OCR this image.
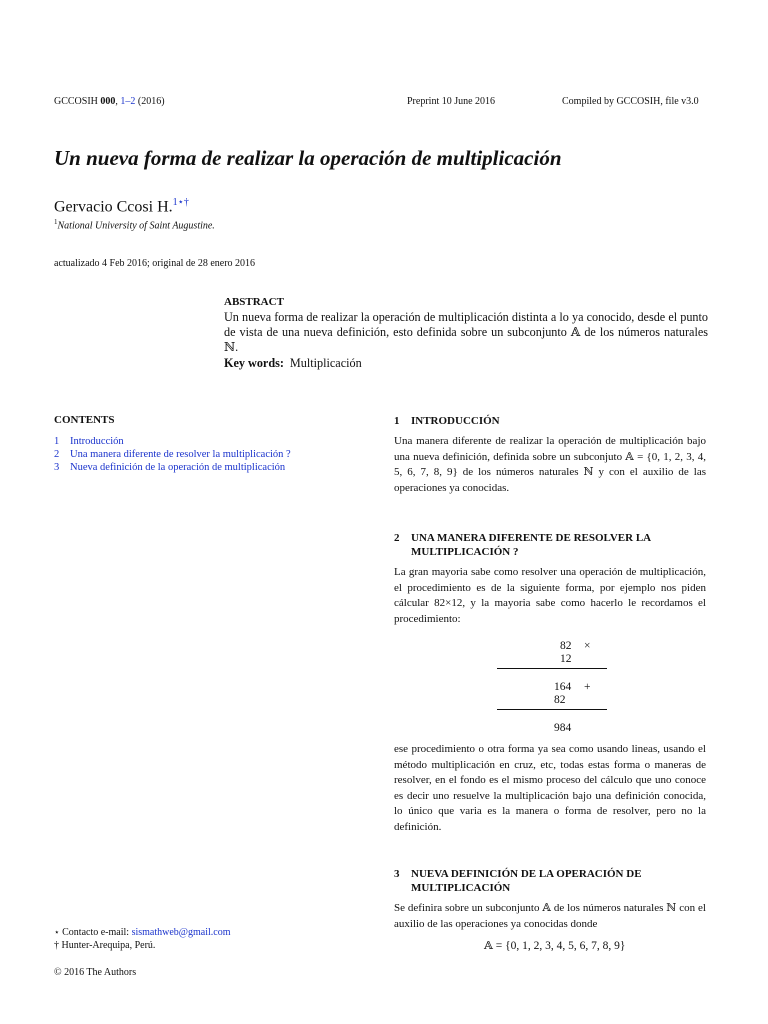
GCCOSIH 000, 1–2 (2016)	Preprint 10 June 2016	Compiled by GCCOSIH, file v3.0
Un nueva forma de realizar la operación de multiplicación
Gervacio Ccosi H.$^{1⋆\dagger}$
$^1$National University of Saint Augustine.
actualizado 4 Feb 2016; original de 28 enero 2016
ABSTRACT
Un nueva forma de realizar la operación de multiplicación distinta a lo ya conocido, desde el punto de vista de una nueva definición, esto definida sobre un subconjunto 𝔸 de los números naturales ℕ.
Key words: Multiplicación
CONTENTS
1 Introducción
2 Una manera diferente de resolver la multiplicación ?
3 Nueva definición de la operación de multiplicación
1	INTRODUCCIÓN
Una manera diferente de realizar la operación de multiplicación bajo una nueva definición, definida sobre un subconjuto 𝔸 = {0, 1, 2, 3, 4, 5, 6, 7, 8, 9} de los números naturales ℕ y con el auxilio de las operaciones ya conocidas.
2	UNA MANERA DIFERENTE DE RESOLVER LA MULTIPLICACIÓN ?
La gran mayoria sabe como resolver una operación de multiplicación, el procedimiento es de la siguiente forma, por ejemplo nos piden cálcular 82×12, y la mayoria sabe como hacerlo le recordamos el procedimiento:
82 ×
12
164 +
82
984
ese procedimiento o otra forma ya sea como usando lineas, usando el método multiplicación en cruz, etc, todas estas forma o maneras de resolver, en el fondo es el mismo proceso del cálculo que uno conoce es decir uno resuelve la multiplicación bajo una definición conocida, lo único que varia es la manera o forma de resolver, pero no la definición.
3	NUEVA DEFINICIÓN DE LA OPERACIÓN DE MULTIPLICACIÓN
Se definira sobre un subconjunto 𝔸 de los números naturales ℕ con el auxilio de las operaciones ya conocidas donde
𝔸 = {0, 1, 2, 3, 4, 5, 6, 7, 8, 9}
⋆ Contacto e-mail: sismathweb@gmail.com
† Hunter-Arequipa, Perú.
© 2016 The Authors
